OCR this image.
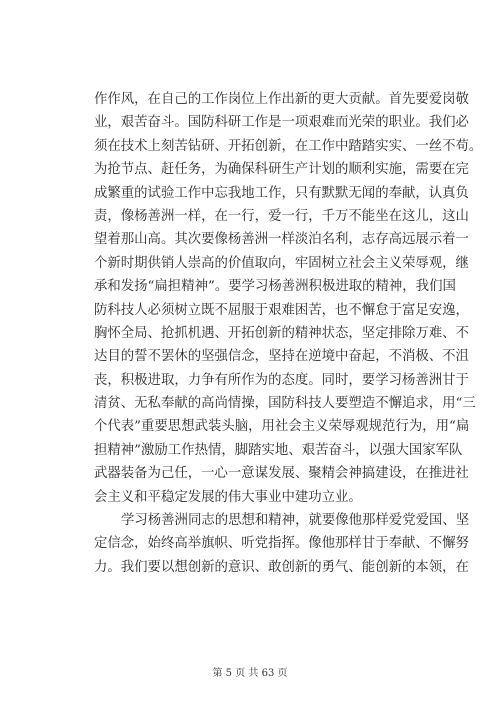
作作风，在自己的工作岗位上作出新的更大贡献。首先要爱岗敬
业，艰苦奋斗。国防科研工作是一项艰难而光荣的职业。我们必
须在技术上刻苦钻研、开拓创新，在工作中踏踏实实、一丝不苟。
为抢节点、赶任务，为确保科研生产计划的顺利实施，需要在完
成繁重的试验工作中忘我地工作，只有默默无闻的奉献，认真负
责，像杨善洲一样，在一行，爱一行，千万不能坐在这儿，这山
望着那山高。其次要像杨善洲一样淡泊名利，志存高远展示着一
个新时期供销人崇高的价值取向，牢固树立社会主义荣辱观，继
承和发扬“扁担精神”。要学习杨善洲积极进取的精神，我们国
防科技人必须树立既不屈服于艰难困苦，也不懈怠于富足安逸，
胸怀全局、抢抓机遇、开拓创新的精神状态，坚定排除万难、不
达目的誓不罢休的坚强信念，坚持在逆境中奋起，不消极、不沮
丧，积极进取，力争有所作为的态度。同时，要学习杨善洲甘于
清贫、无私奉献的高尚情操，国防科技人要塑造不懈追求，用“三
个代表”重要思想武装头脑，用社会主义荣辱观规范行为，用“扁
担精神”激励工作热情，脚踏实地、艰苦奋斗，以强大国家军队
武器装备为己任，一心一意谋发展、聚精会神搞建设，在推进社
会主义和平稳定发展的伟大事业中建功立业。
学习杨善洲同志的思想和精神，就要像他那样爱党爱国、坚
定信念，始终高举旗帜、听党指挥。像他那样甘于奉献、不懈努
力。我们要以想创新的意识、敢创新的勇气、能创新的本领，在
第 5 页 共 63 页
